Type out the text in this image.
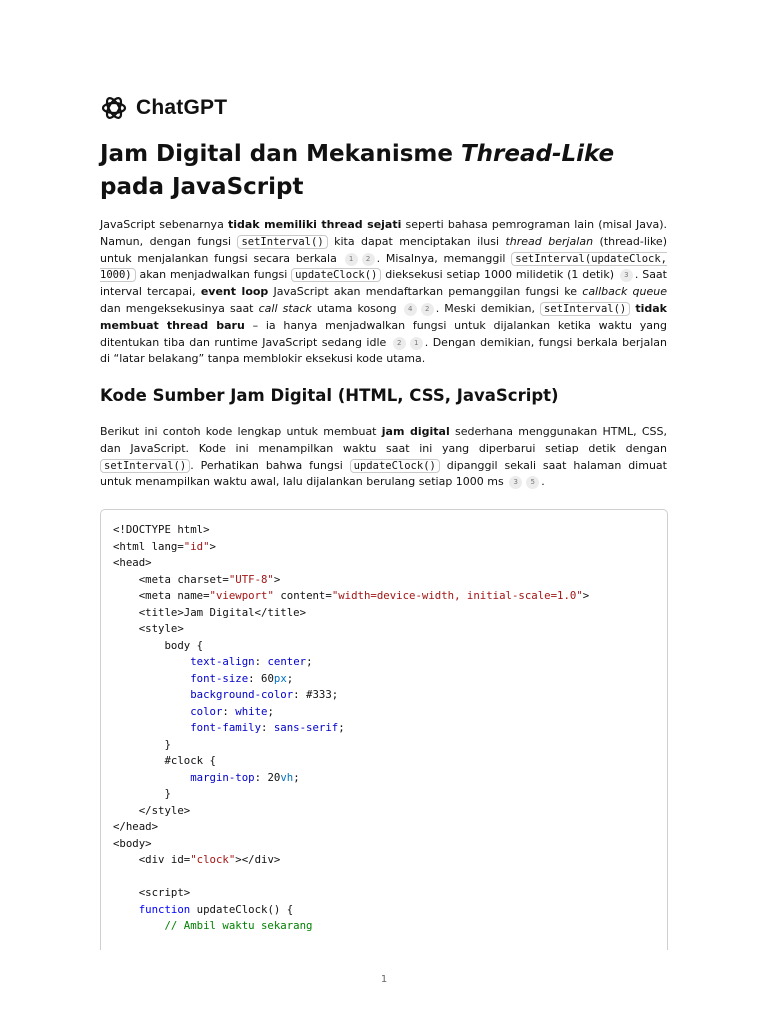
ChatGPT
Jam Digital dan Mekanisme Thread-Like pada JavaScript

JavaScript sebenarnya tidak memiliki thread sejati seperti bahasa pemrograman lain (misal Java). Namun, dengan fungsi setInterval() kita dapat menciptakan ilusi thread berjalan (thread-like) untuk menjalankan fungsi secara berkala 1 2 . Misalnya, memanggil setInterval(updateClock, 1000) akan menjadwalkan fungsi updateClock() dieksekusi setiap 1000 milidetik (1 detik) 3 . Saat interval tercapai, event loop JavaScript akan mendaftarkan pemanggilan fungsi ke callback queue dan mengeksekusinya saat call stack utama kosong 4 2 . Meski demikian, setInterval() tidak membuat thread baru – ia hanya menjadwalkan fungsi untuk dijalankan ketika waktu yang ditentukan tiba dan runtime JavaScript sedang idle 2 1 . Dengan demikian, fungsi berkala berjalan di “latar belakang” tanpa memblokir eksekusi kode utama.

Kode Sumber Jam Digital (HTML, CSS, JavaScript)

Berikut ini contoh kode lengkap untuk membuat jam digital sederhana menggunakan HTML, CSS, dan JavaScript. Kode ini menampilkan waktu saat ini yang diperbarui setiap detik dengan setInterval() . Perhatikan bahwa fungsi updateClock() dipanggil sekali saat halaman dimuat untuk menampilkan waktu awal, lalu dijalankan berulang setiap 1000 ms 3 5 .

<!DOCTYPE html>
<html lang="id">
<head>
<meta charset="UTF-8">
<meta name="viewport" content="width=device-width, initial-scale=1.0">
<title>Jam Digital</title>
<style>
body {
text-align: center;
font-size: 60px;
background-color: #333;
color: white;
font-family: sans-serif;
}
#clock {
margin-top: 20vh;
}
</style>
</head>
<body>
<div id="clock"></div>

<script>
function updateClock() {
// Ambil waktu sekarang
1
